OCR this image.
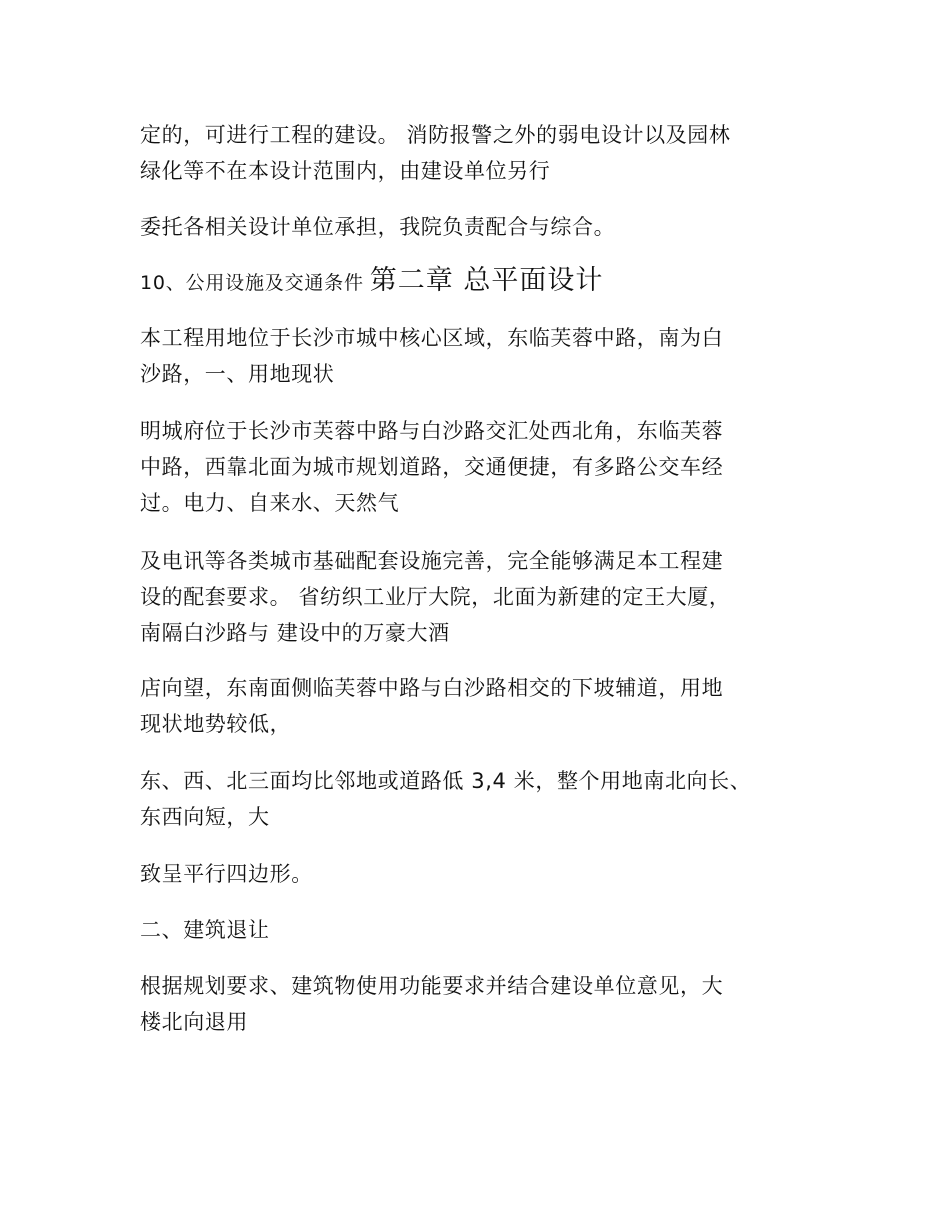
定的，可进行工程的建设。 消防报警之外的弱电设计以及园林
绿化等不在本设计范围内，由建设单位另行

委托各相关设计单位承担，我院负责配合与综合。

10、公用设施及交通条件 第二章 总平面设计

本工程用地位于长沙市城中核心区域，东临芙蓉中路，南为白
沙路，一、用地现状

明城府位于长沙市芙蓉中路与白沙路交汇处西北角，东临芙蓉
中路，西靠北面为城市规划道路，交通便捷，有多路公交车经
过。电力、自来水、天然气

及电讯等各类城市基础配套设施完善，完全能够满足本工程建
设的配套要求。 省纺织工业厅大院，北面为新建的定王大厦，
南隔白沙路与 建设中的万豪大酒

店向望，东南面侧临芙蓉中路与白沙路相交的下坡辅道，用地
现状地势较低，

东、西、北三面均比邻地或道路低 3,4 米，整个用地南北向长、
东西向短，大

致呈平行四边形。

二、建筑退让

根据规划要求、建筑物使用功能要求并结合建设单位意见，大
楼北向退用
